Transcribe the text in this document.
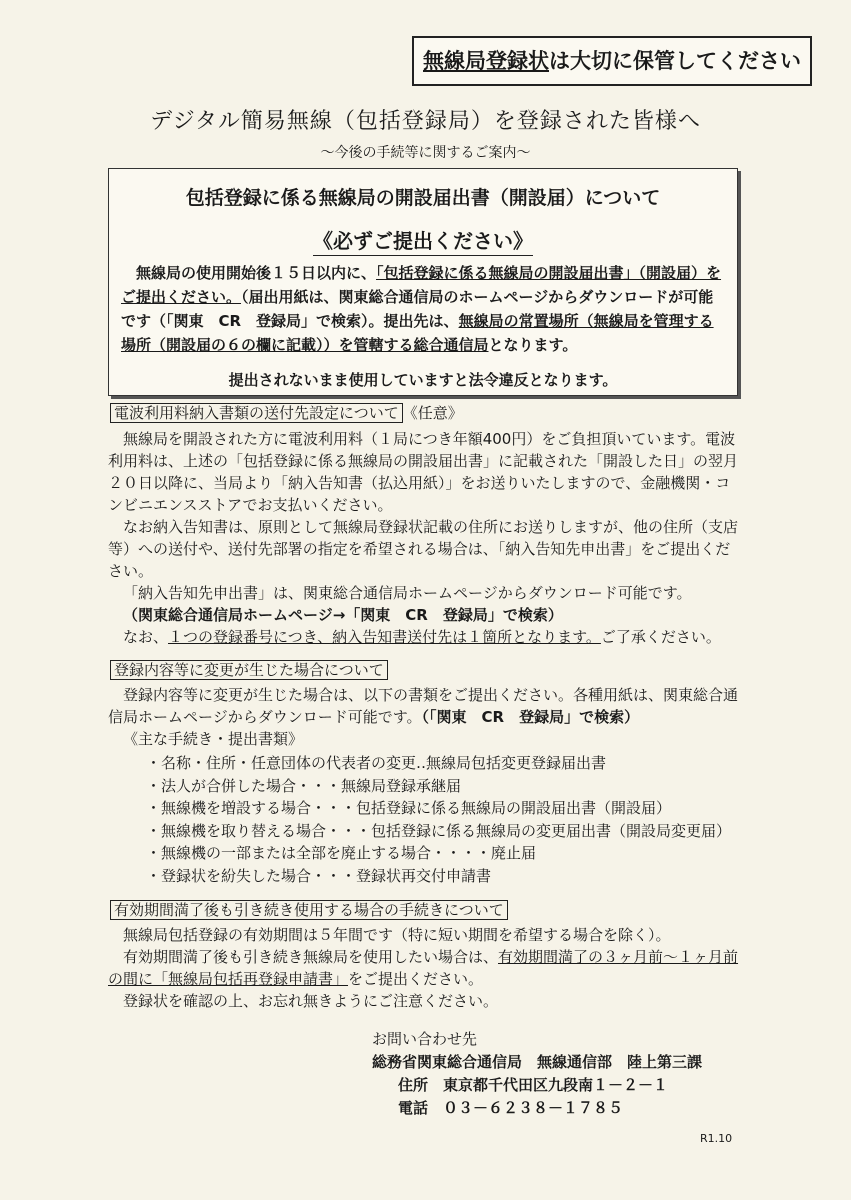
無線局登録状は大切に保管してください
デジタル簡易無線（包括登録局）を登録された皆様へ
〜今後の手続等に関するご案内〜
包括登録に係る無線局の開設届出書（開設届）について
《必ずご提出ください》
無線局の使用開始後１５日以内に、「包括登録に係る無線局の開設届出書」（開設届）をご提出ください。（届出用紙は、関東総合通信局のホームページからダウンロードが可能です（「関東　CR　登録局」で検索）。提出先は、無線局の常置場所（無線局を管理する場所（開設届の６の欄に記載））を管轄する総合通信局となります。
提出されないまま使用していますと法令違反となります。
電波利用料納入書類の送付先設定について 《任意》

無線局を開設された方に電波利用料（１局につき年額400円）をご負担頂いています。電波利用料は、上述の「包括登録に係る無線局の開設届出書」に記載された「開設した日」の翌月２０日以降に、当局より「納入告知書（払込用紙）」をお送りいたしますので、金融機関・コンビニエンスストアでお支払いください。

なお納入告知書は、原則として無線局登録状記載の住所にお送りしますが、他の住所（支店等）への送付や、送付先部署の指定を希望される場合は、「納入告知先申出書」をご提出ください。

「納入告知先申出書」は、関東総合通信局ホームページからダウンロード可能です。

（関東総合通信局ホームページ→「関東　CR　登録局」で検索）

なお、１つの登録番号につき、納入告知書送付先は１箇所となります。ご了承ください。

登録内容等に変更が生じた場合について

登録内容等に変更が生じた場合は、以下の書類をご提出ください。各種用紙は、関東総合通信局ホームページからダウンロード可能です。（「関東　CR　登録局」で検索）

《主な手続き・提出書類》

・名称・住所・任意団体の代表者の変更‥無線局包括変更登録届出書
・法人が合併した場合・・・無線局登録承継届
・無線機を増設する場合・・・包括登録に係る無線局の開設届出書（開設届）
・無線機を取り替える場合・・・包括登録に係る無線局の変更届出書（開設局変更届）
・無線機の一部または全部を廃止する場合・・・・廃止届
・登録状を紛失した場合・・・登録状再交付申請書
有効期間満了後も引き続き使用する場合の手続きについて

無線局包括登録の有効期間は５年間です（特に短い期間を希望する場合を除く）。

有効期間満了後も引き続き無線局を使用したい場合は、有効期間満了の３ヶ月前〜１ヶ月前の間に「無線局包括再登録申請書」をご提出ください。

登録状を確認の上、お忘れ無きようにご注意ください。

お問い合わせ先
総務省関東総合通信局　無線通信部　陸上第三課
住所　 東京都千代田区九段南１－２－１
電話　 ０３－６２３８－１７８５
R1.10
